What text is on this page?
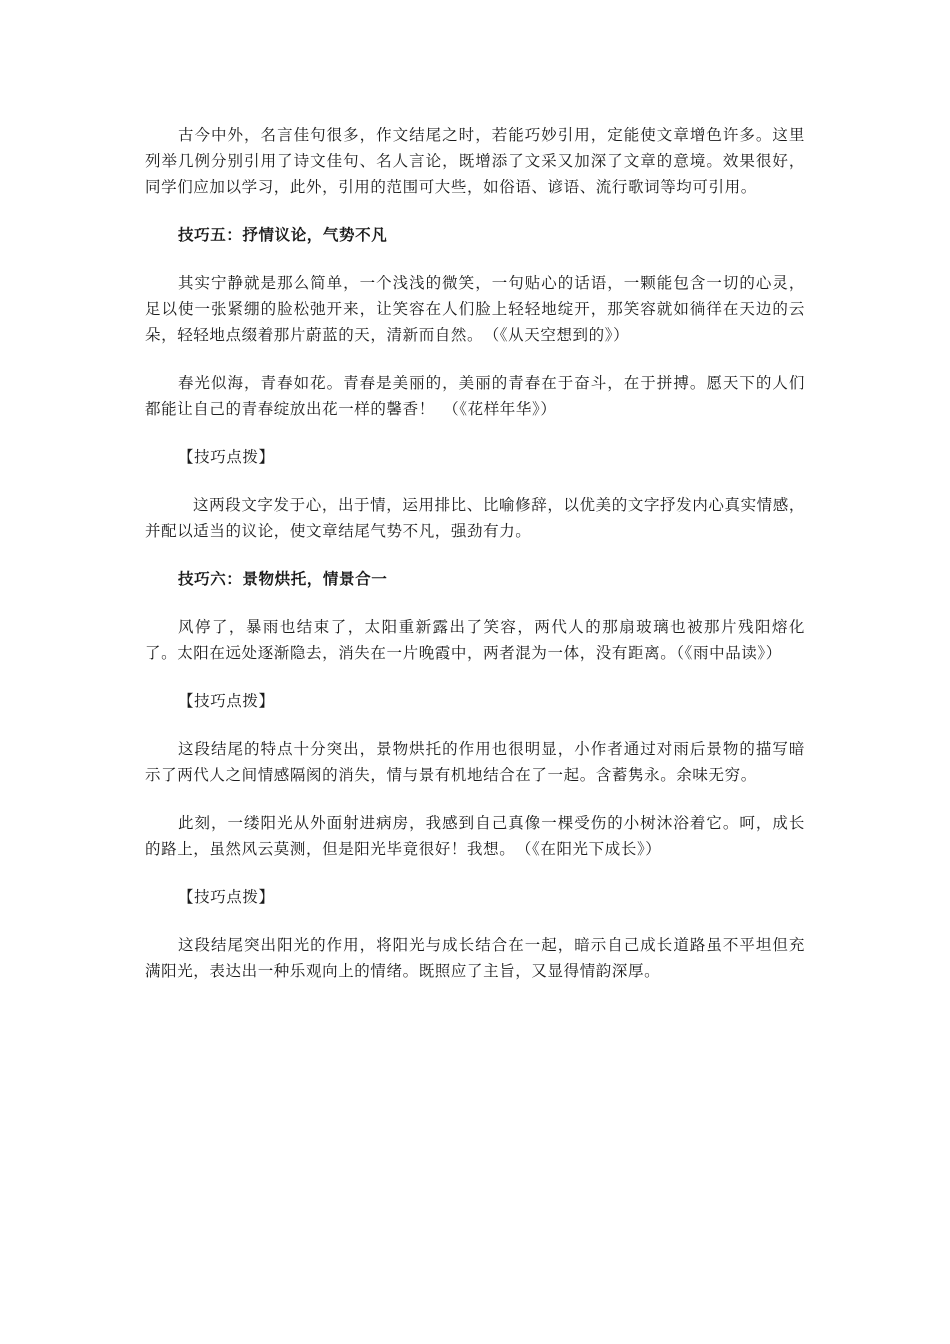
古今中外，名言佳句很多，作文结尾之时，若能巧妙引用，定能使文章增色许多。这里列举几例分别引用了诗文佳句、名人言论，既增添了文采又加深了文章的意境。效果很好，同学们应加以学习，此外，引用的范围可大些，如俗语、谚语、流行歌词等均可引用。

技巧五：抒情议论，气势不凡

其实宁静就是那么简单，一个浅浅的微笑，一句贴心的话语，一颗能包含一切的心灵，足以使一张紧绷的脸松弛开来，让笑容在人们脸上轻轻地绽开，那笑容就如徜徉在天边的云朵，轻轻地点缀着那片蔚蓝的天，清新而自然。　（《从天空想到的》）

春光似海，青春如花。青春是美丽的，美丽的青春在于奋斗，在于拼搏。愿天下的人们都能让自己的青春绽放出花一样的馨香！　（《花样年华》）

【技巧点拨】

这两段文字发于心，出于情，运用排比、比喻修辞，以优美的文字抒发内心真实情感，并配以适当的议论，使文章结尾气势不凡，强劲有力。

技巧六：景物烘托，情景合一

风停了，暴雨也结束了，太阳重新露出了笑容，两代人的那扇玻璃也被那片残阳熔化了。太阳在远处逐渐隐去，消失在一片晚霞中，两者混为一体，没有距离。（《雨中品读》）

【技巧点拨】

这段结尾的特点十分突出，景物烘托的作用也很明显，小作者通过对雨后景物的描写暗示了两代人之间情感隔阂的消失，情与景有机地结合在了一起。含蓄隽永。余味无穷。

此刻，一缕阳光从外面射进病房，我感到自己真像一棵受伤的小树沐浴着它。呵，成长的路上，虽然风云莫测，但是阳光毕竟很好！我想。　（《在阳光下成长》）

【技巧点拨】

这段结尾突出阳光的作用，将阳光与成长结合在一起，暗示自己成长道路虽不平坦但充满阳光，表达出一种乐观向上的情绪。既照应了主旨，又显得情韵深厚。
